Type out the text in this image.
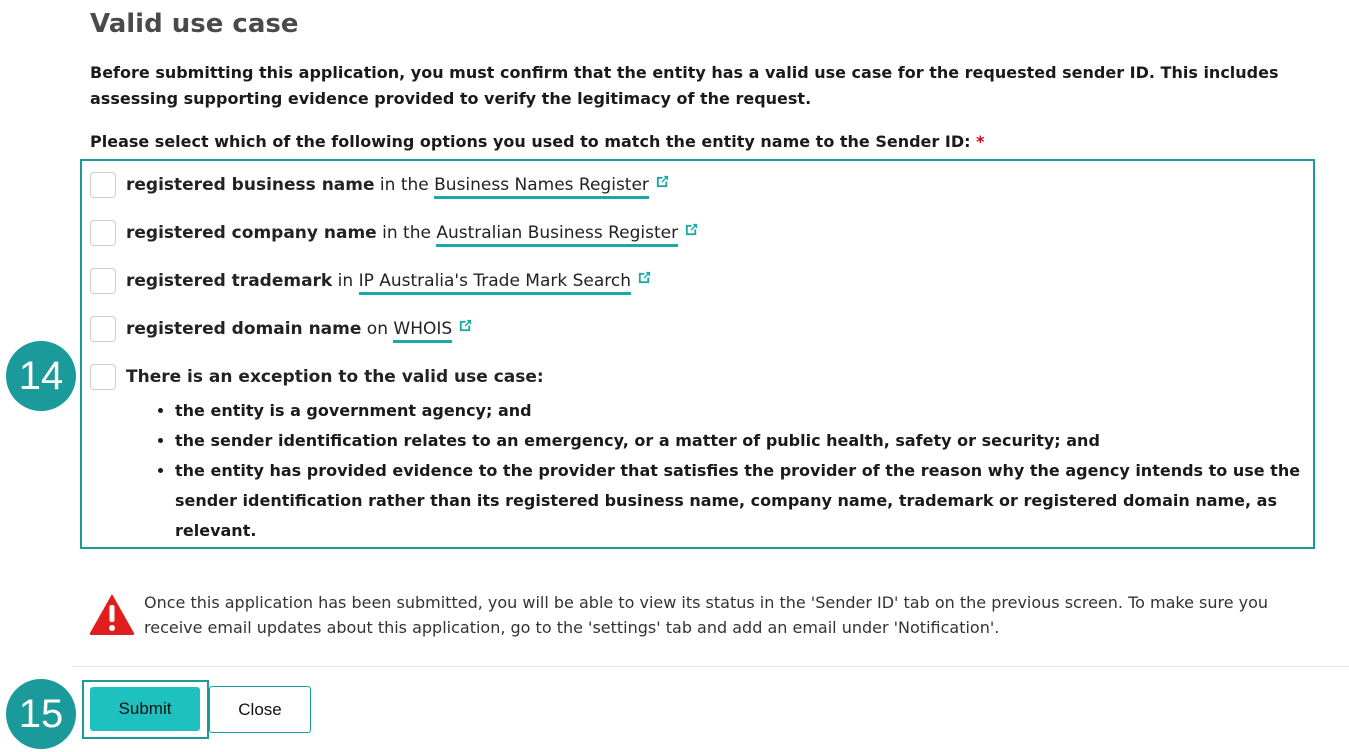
Valid use case

Before submitting this application, you must confirm that the entity has a valid use case for the requested sender ID. This includes assessing supporting evidence provided to verify the legitimacy of the request.

Please select which of the following options you used to match the entity name to the Sender ID: *

registered business name in the Business Names Register
registered company name in the Australian Business Register
registered trademark in IP Australia's Trade Mark Search
registered domain name on WHOIS
There is an exception to the valid use case:
• the entity is a government agency; and
• the sender identification relates to an emergency, or a matter of public health, safety or security; and
• the entity has provided evidence to the provider that satisfies the provider of the reason why the agency intends to use the sender identification rather than its registered business name, company name, trademark or registered domain name, as relevant.
14
Once this application has been submitted, you will be able to view its status in the 'Sender ID' tab on the previous screen. To make sure you receive email updates about this application, go to the 'settings' tab and add an email under 'Notification'.
15	Submit	Close
